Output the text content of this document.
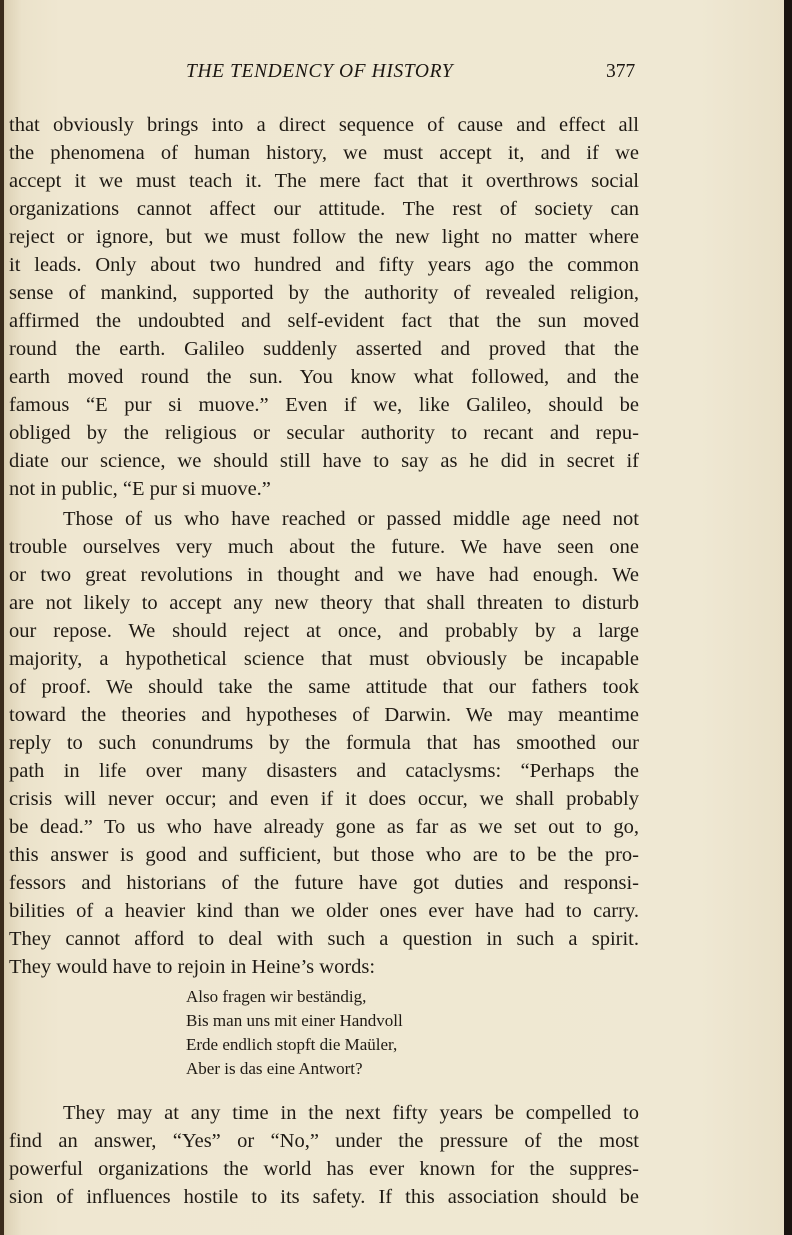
THE TENDENCY OF HISTORY	377
that obviously brings into a direct sequence of cause and effect all
the phenomena of human history, we must accept it, and if we
accept it we must teach it. The mere fact that it overthrows social
organizations cannot affect our attitude. The rest of society can
reject or ignore, but we must follow the new light no matter where
it leads. Only about two hundred and fifty years ago the common
sense of mankind, supported by the authority of revealed religion,
affirmed the undoubted and self-evident fact that the sun moved
round the earth. Galileo suddenly asserted and proved that the
earth moved round the sun. You know what followed, and the
famous “E pur si muove.” Even if we, like Galileo, should be
obliged by the religious or secular authority to recant and repu-
diate our science, we should still have to say as he did in secret if
not in public, “E pur si muove.”
Those of us who have reached or passed middle age need not
trouble ourselves very much about the future. We have seen one
or two great revolutions in thought and we have had enough. We
are not likely to accept any new theory that shall threaten to disturb
our repose. We should reject at once, and probably by a large
majority, a hypothetical science that must obviously be incapable
of proof. We should take the same attitude that our fathers took
toward the theories and hypotheses of Darwin. We may meantime
reply to such conundrums by the formula that has smoothed our
path in life over many disasters and cataclysms: “Perhaps the
crisis will never occur; and even if it does occur, we shall probably
be dead.” To us who have already gone as far as we set out to go,
this answer is good and sufficient, but those who are to be the pro-
fessors and historians of the future have got duties and responsi-
bilities of a heavier kind than we older ones ever have had to carry.
They cannot afford to deal with such a question in such a spirit.
They would have to rejoin in Heine’s words:
Also fragen wir beständig,
Bis man uns mit einer Handvoll
Erde endlich stopft die Maüler,
Aber is das eine Antwort?
They may at any time in the next fifty years be compelled to
find an answer, “Yes” or “No,” under the pressure of the most
powerful organizations the world has ever known for the suppres-
sion of influences hostile to its safety. If this association should be
